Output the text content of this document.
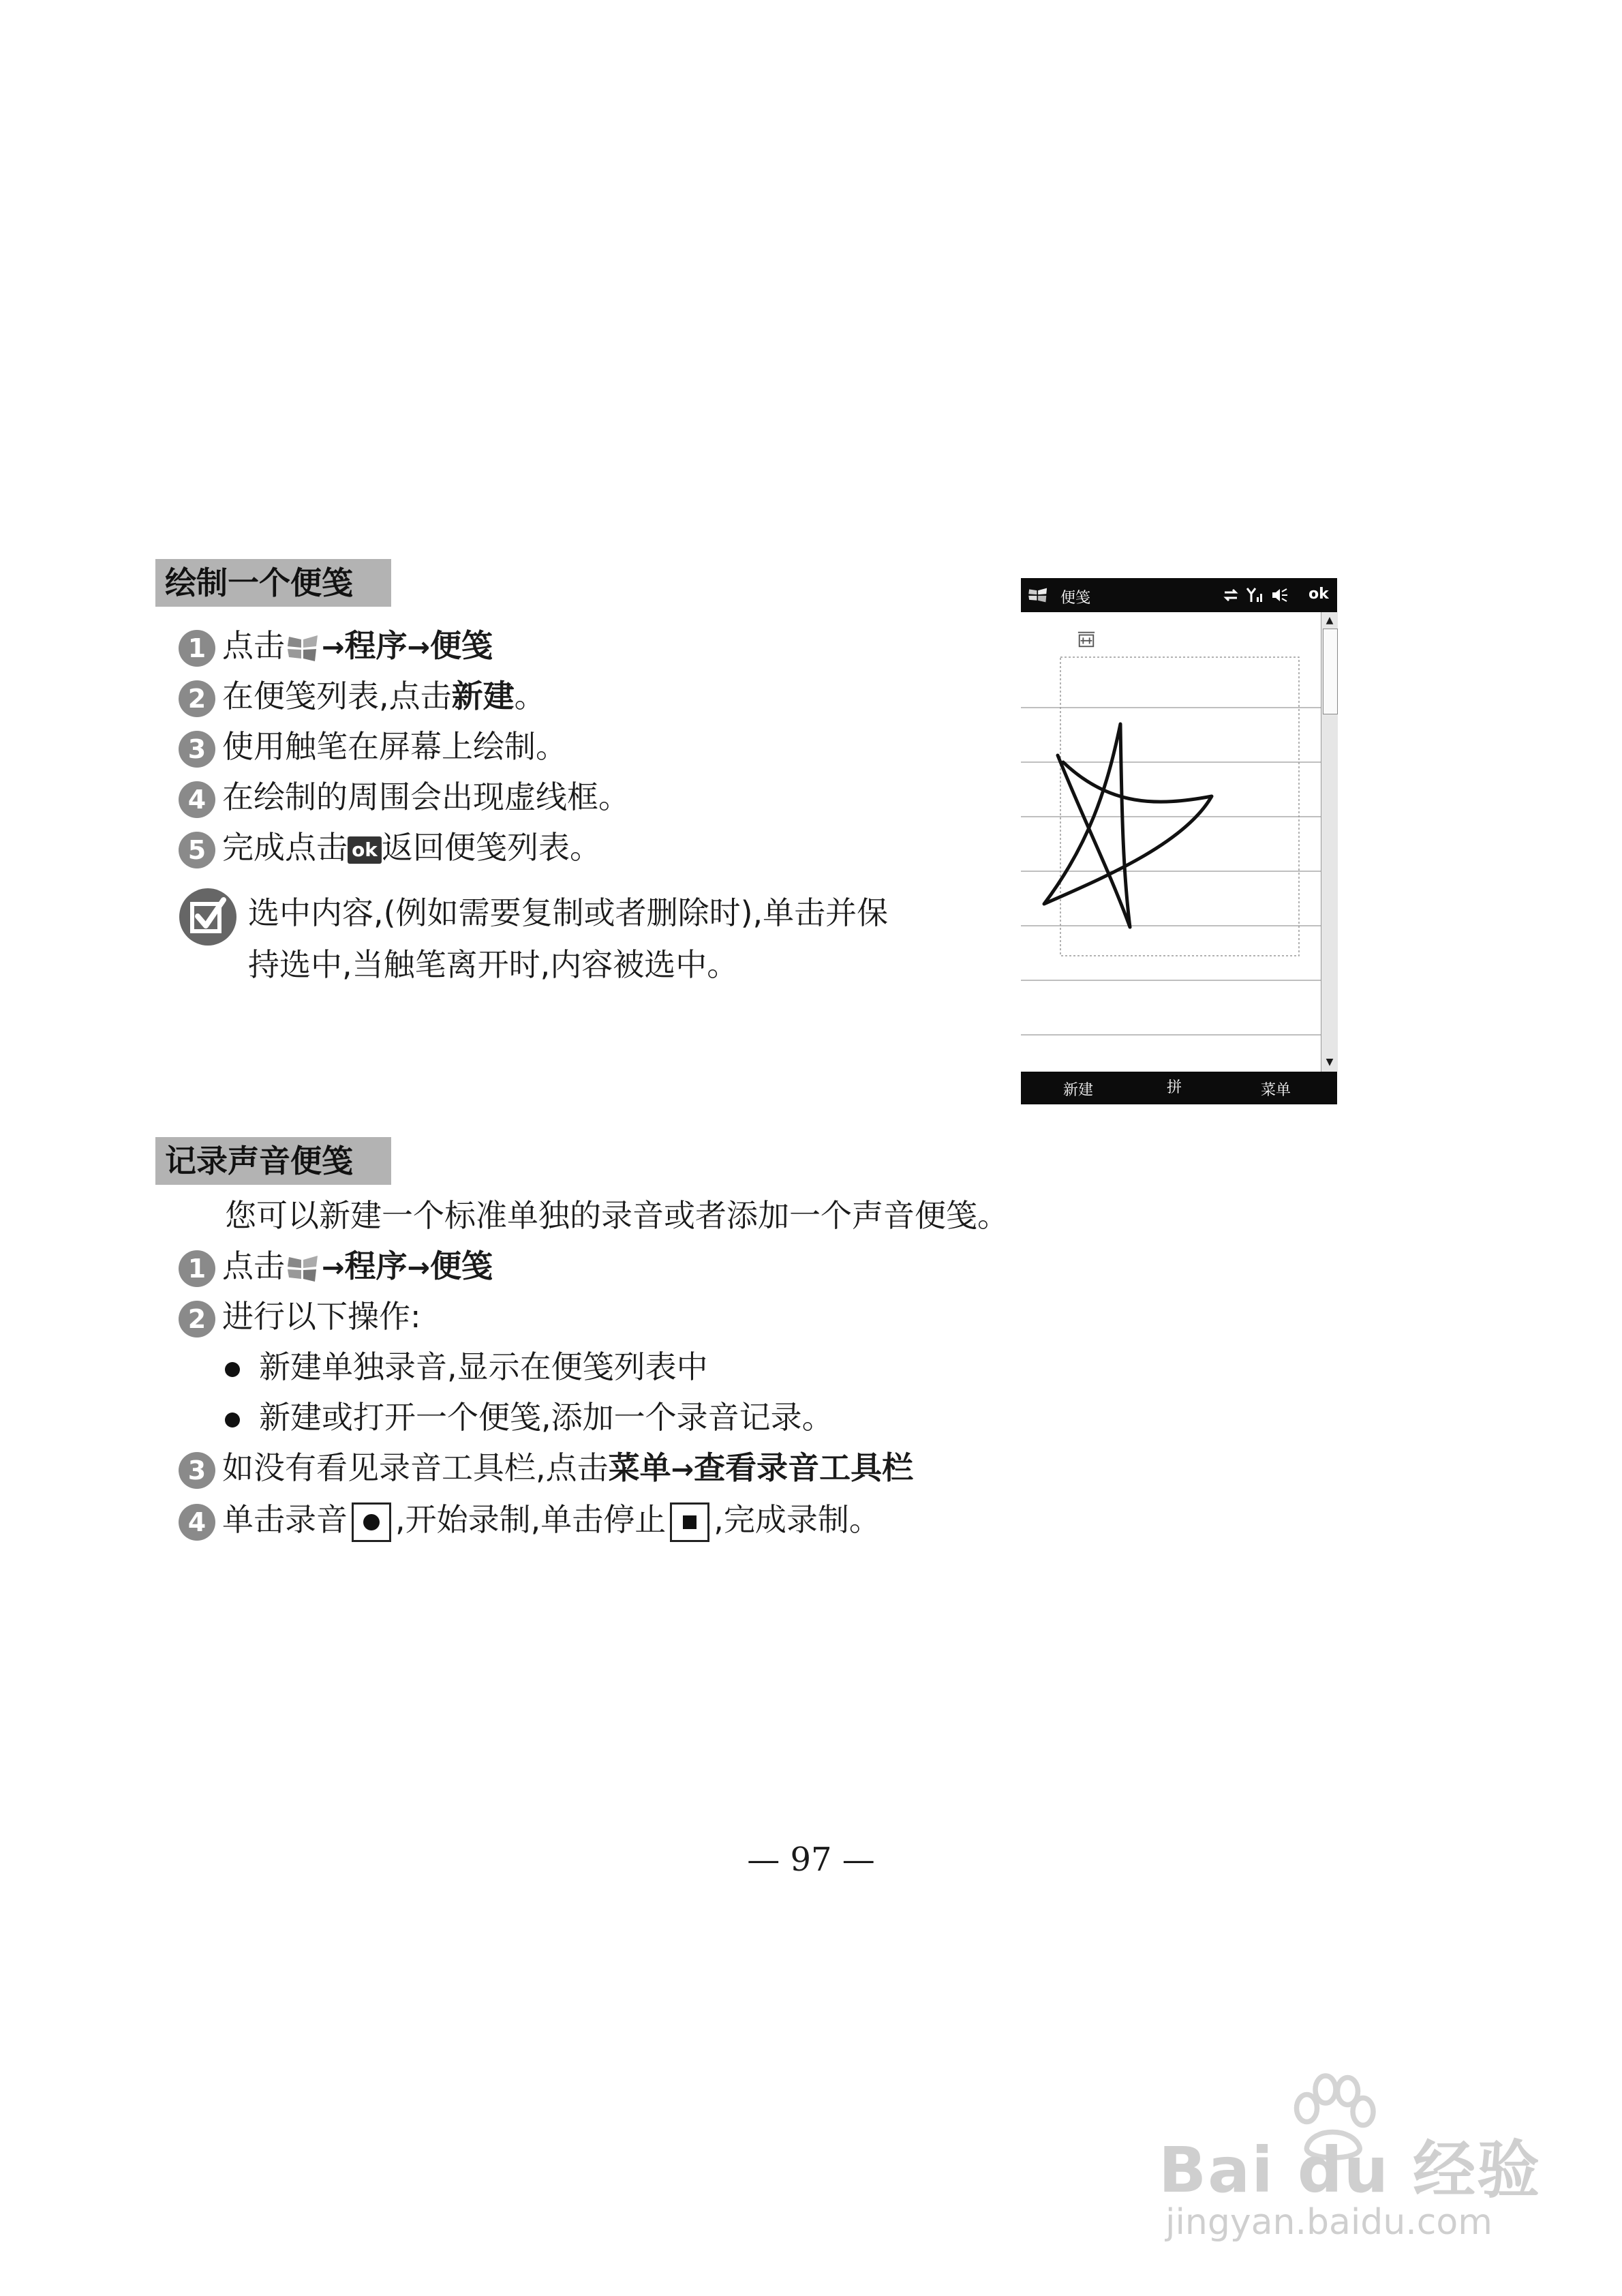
绘制一个便笺
1 点击 →程序→便笺
2 在便笺列表,点击新建。
3 使用触笔在屏幕上绘制。
4 在绘制的周围会出现虚线框。
5 完成点击 ok 返回便笺列表。
选中内容,(例如需要复制或者删除时),单击并保
持选中,当触笔离开时,内容被选中。
便笺	ok
▲
▼
新建	拼	菜单
记录声音便笺
您可以新建一个标准单独的录音或者添加一个声音便笺。
1 点击 →程序→便笺
2 进行以下操作:
新建单独录音,显示在便笺列表中
新建或打开一个便笺,添加一个录音记录。
3 如没有看见录音工具栏,点击菜单→查看录音工具栏
4 单击录音 ,开始录制,单击停止 ,完成录制。
— 97 —
Bai du 经验
jingyan.baidu.com
